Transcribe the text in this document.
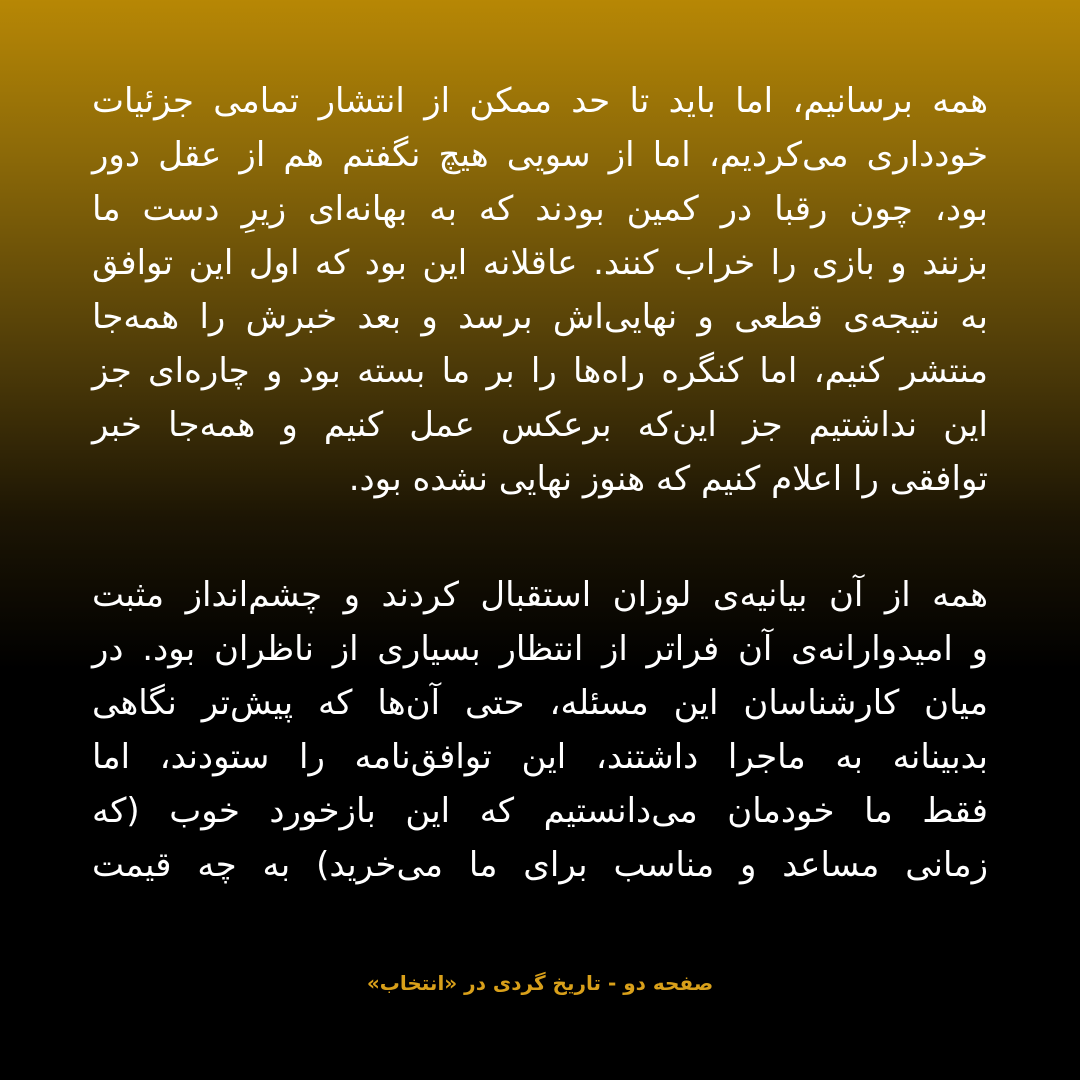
همه برسانیم، اما باید تا حد ممکن از انتشار تمامی جزئیات
خودداری می‌کردیم، اما از سویی هیچ نگفتم هم از عقل دور
بود، چون رقبا در کمین بودند که به بهانه‌ای زیرِ دست ما
بزنند و بازی را خراب کنند. عاقلانه این بود که اول این توافق
به نتیجه‌ی قطعی و نهایی‌اش برسد و بعد خبرش را همه‌جا
منتشر کنیم، اما کنگره راه‌ها را بر ما بسته بود و چاره‌ای جز
این نداشتیم جز این‌که برعکس عمل کنیم و همه‌جا خبر
توافقی را اعلام کنیم که هنوز نهایی نشده بود.
همه از آن بیانیه‌ی لوزان استقبال کردند و چشم‌انداز مثبت
و امیدوارانه‌ی آن فراتر از انتظار بسیاری از ناظران بود. در
میان کارشناسان این مسئله، حتی آن‌ها که پیش‌تر نگاهی
بدبینانه به ماجرا داشتند، این توافق‌نامه را ستودند، اما
فقط ما خودمان می‌دانستیم که این بازخورد خوب (که
زمانی مساعد و مناسب برای ما می‌خرید) به چه قیمت
صفحه دو - تاریخ گردی در «انتخاب»
